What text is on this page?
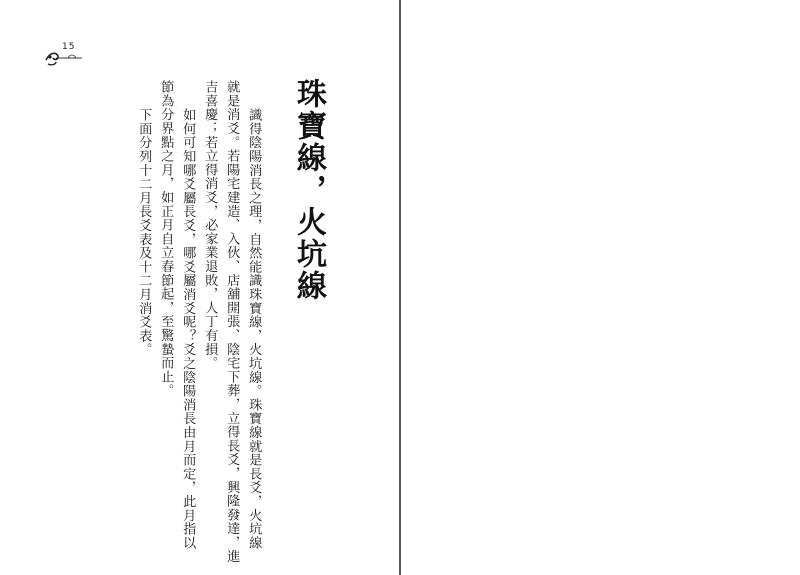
15
珠寶線，火坑線
識得陰陽消長之理，自然能識珠寶線，火坑線。珠寶線就是長爻，火坑線
就是消爻。若陽宅建造、入伙、店舖開張、陰宅下葬，立得長爻，興隆發達，進
吉喜慶；若立得消爻，必家業退敗，人丁有損。
如何可知哪爻屬長爻，哪爻屬消爻呢？爻之陰陽消長由月而定，此月指以
節為分界點之月，如正月自立春節起，至驚蟄而止。
下面分列十二月長爻表及十二月消爻表。
